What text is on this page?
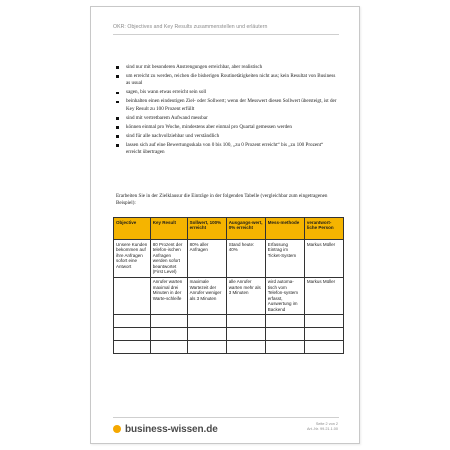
OKR: Objectives and Key Results zusammenstellen und erläutern
sind nur mit besonderen Anstrengungen erreichbar, aber realistisch
um erreicht zu werden, reichen die bisherigen Routinetätigkeiten nicht aus; kein Resultat von Business as usual
sagen, bis wann etwas erreicht sein soll
beinhalten einen eindeutigen Ziel- oder Sollwert; wenn der Messwert diesen Sollwert übersteigt, ist der Key Result zu 100 Prozent erfüllt
sind mit vertretbarem Aufwand messbar
können einmal pro Woche, mindestens aber einmal pro Quartal gemessen werden
sind für alle nachvollziehbar und verständlich
lassen sich auf eine Bewertungsskala von 0 bis 100, „zu 0 Prozent erreicht“ bis „zu 100 Prozent“ erreicht übertragen

Erarbeiten Sie in der Zielklausur die Einträge in der folgenden Tabelle (vergleichbar zum eingetragenen Beispiel):

Objective	Key Result	Sollwert, 100% erreicht	Ausgangs-wert, 0% erreicht	Mess-methode	verantwort-liche Person
Unsere Kunden bekommen auf ihre Anfragen sofort eine Antwort	80 Prozent der telefon-ischen Anfragen werden sofort beantwortet (First Level)	80% aller Anfragen	Stand heute: 40%	Erfassung Eintrag im Ticket-System	Markus Müller
	Anrufer warten maximal drei Minuten in der Warte-schleife	maximale Wartezeit der Anrufer weniger als 3 Minuten	alle Anrufer warten mehr als 3 Minuten	wird automa-tisch vom Telefon-system erfasst, Auswertung im Backend	Markus Müller

business-wissen.de	Seite 2 von 2
Art.-Nr. 99.21.1.00
